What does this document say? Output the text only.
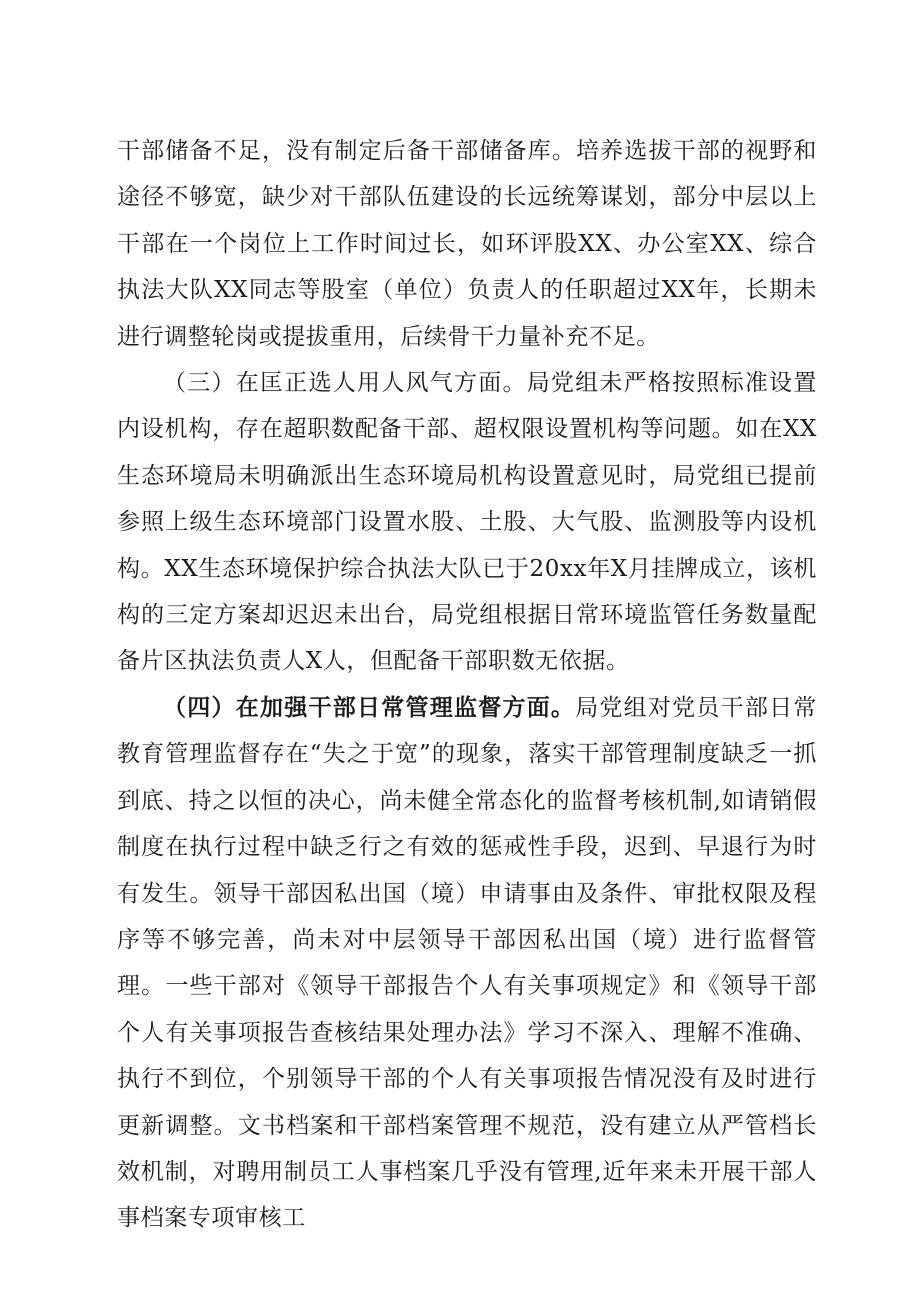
干部储备不足，没有制定后备干部储备库。培养选拔干部的视野和途径不够宽，缺少对干部队伍建设的长远统筹谋划，部分中层以上干部在一个岗位上工作时间过长，如环评股XX、办公室XX、综合执法大队XX同志等股室（单位）负责人的任职超过XX年，长期未进行调整轮岗或提拔重用，后续骨干力量补充不足。

（三）在匡正选人用人风气方面。局党组未严格按照标准设置内设机构，存在超职数配备干部、超权限设置机构等问题。如在XX生态环境局未明确派出生态环境局机构设置意见时，局党组已提前参照上级生态环境部门设置水股、土股、大气股、监测股等内设机构。XX生态环境保护综合执法大队已于20xx年X月挂牌成立，该机构的三定方案却迟迟未出台，局党组根据日常环境监管任务数量配备片区执法负责人X人，但配备干部职数无依据。

（四）在加强干部日常管理监督方面。局党组对党员干部日常教育管理监督存在“失之于宽”的现象，落实干部管理制度缺乏一抓到底、持之以恒的决心，尚未健全常态化的监督考核机制,如请销假制度在执行过程中缺乏行之有效的惩戒性手段，迟到、早退行为时有发生。领导干部因私出国（境）申请事由及条件、审批权限及程序等不够完善，尚未对中层领导干部因私出国（境）进行监督管理。一些干部对《领导干部报告个人有关事项规定》和《领导干部个人有关事项报告查核结果处理办法》学习不深入、理解不准确、执行不到位，个别领导干部的个人有关事项报告情况没有及时进行更新调整。文书档案和干部档案管理不规范，没有建立从严管档长效机制，对聘用制员工人事档案几乎没有管理,近年来未开展干部人事档案专项审核工
